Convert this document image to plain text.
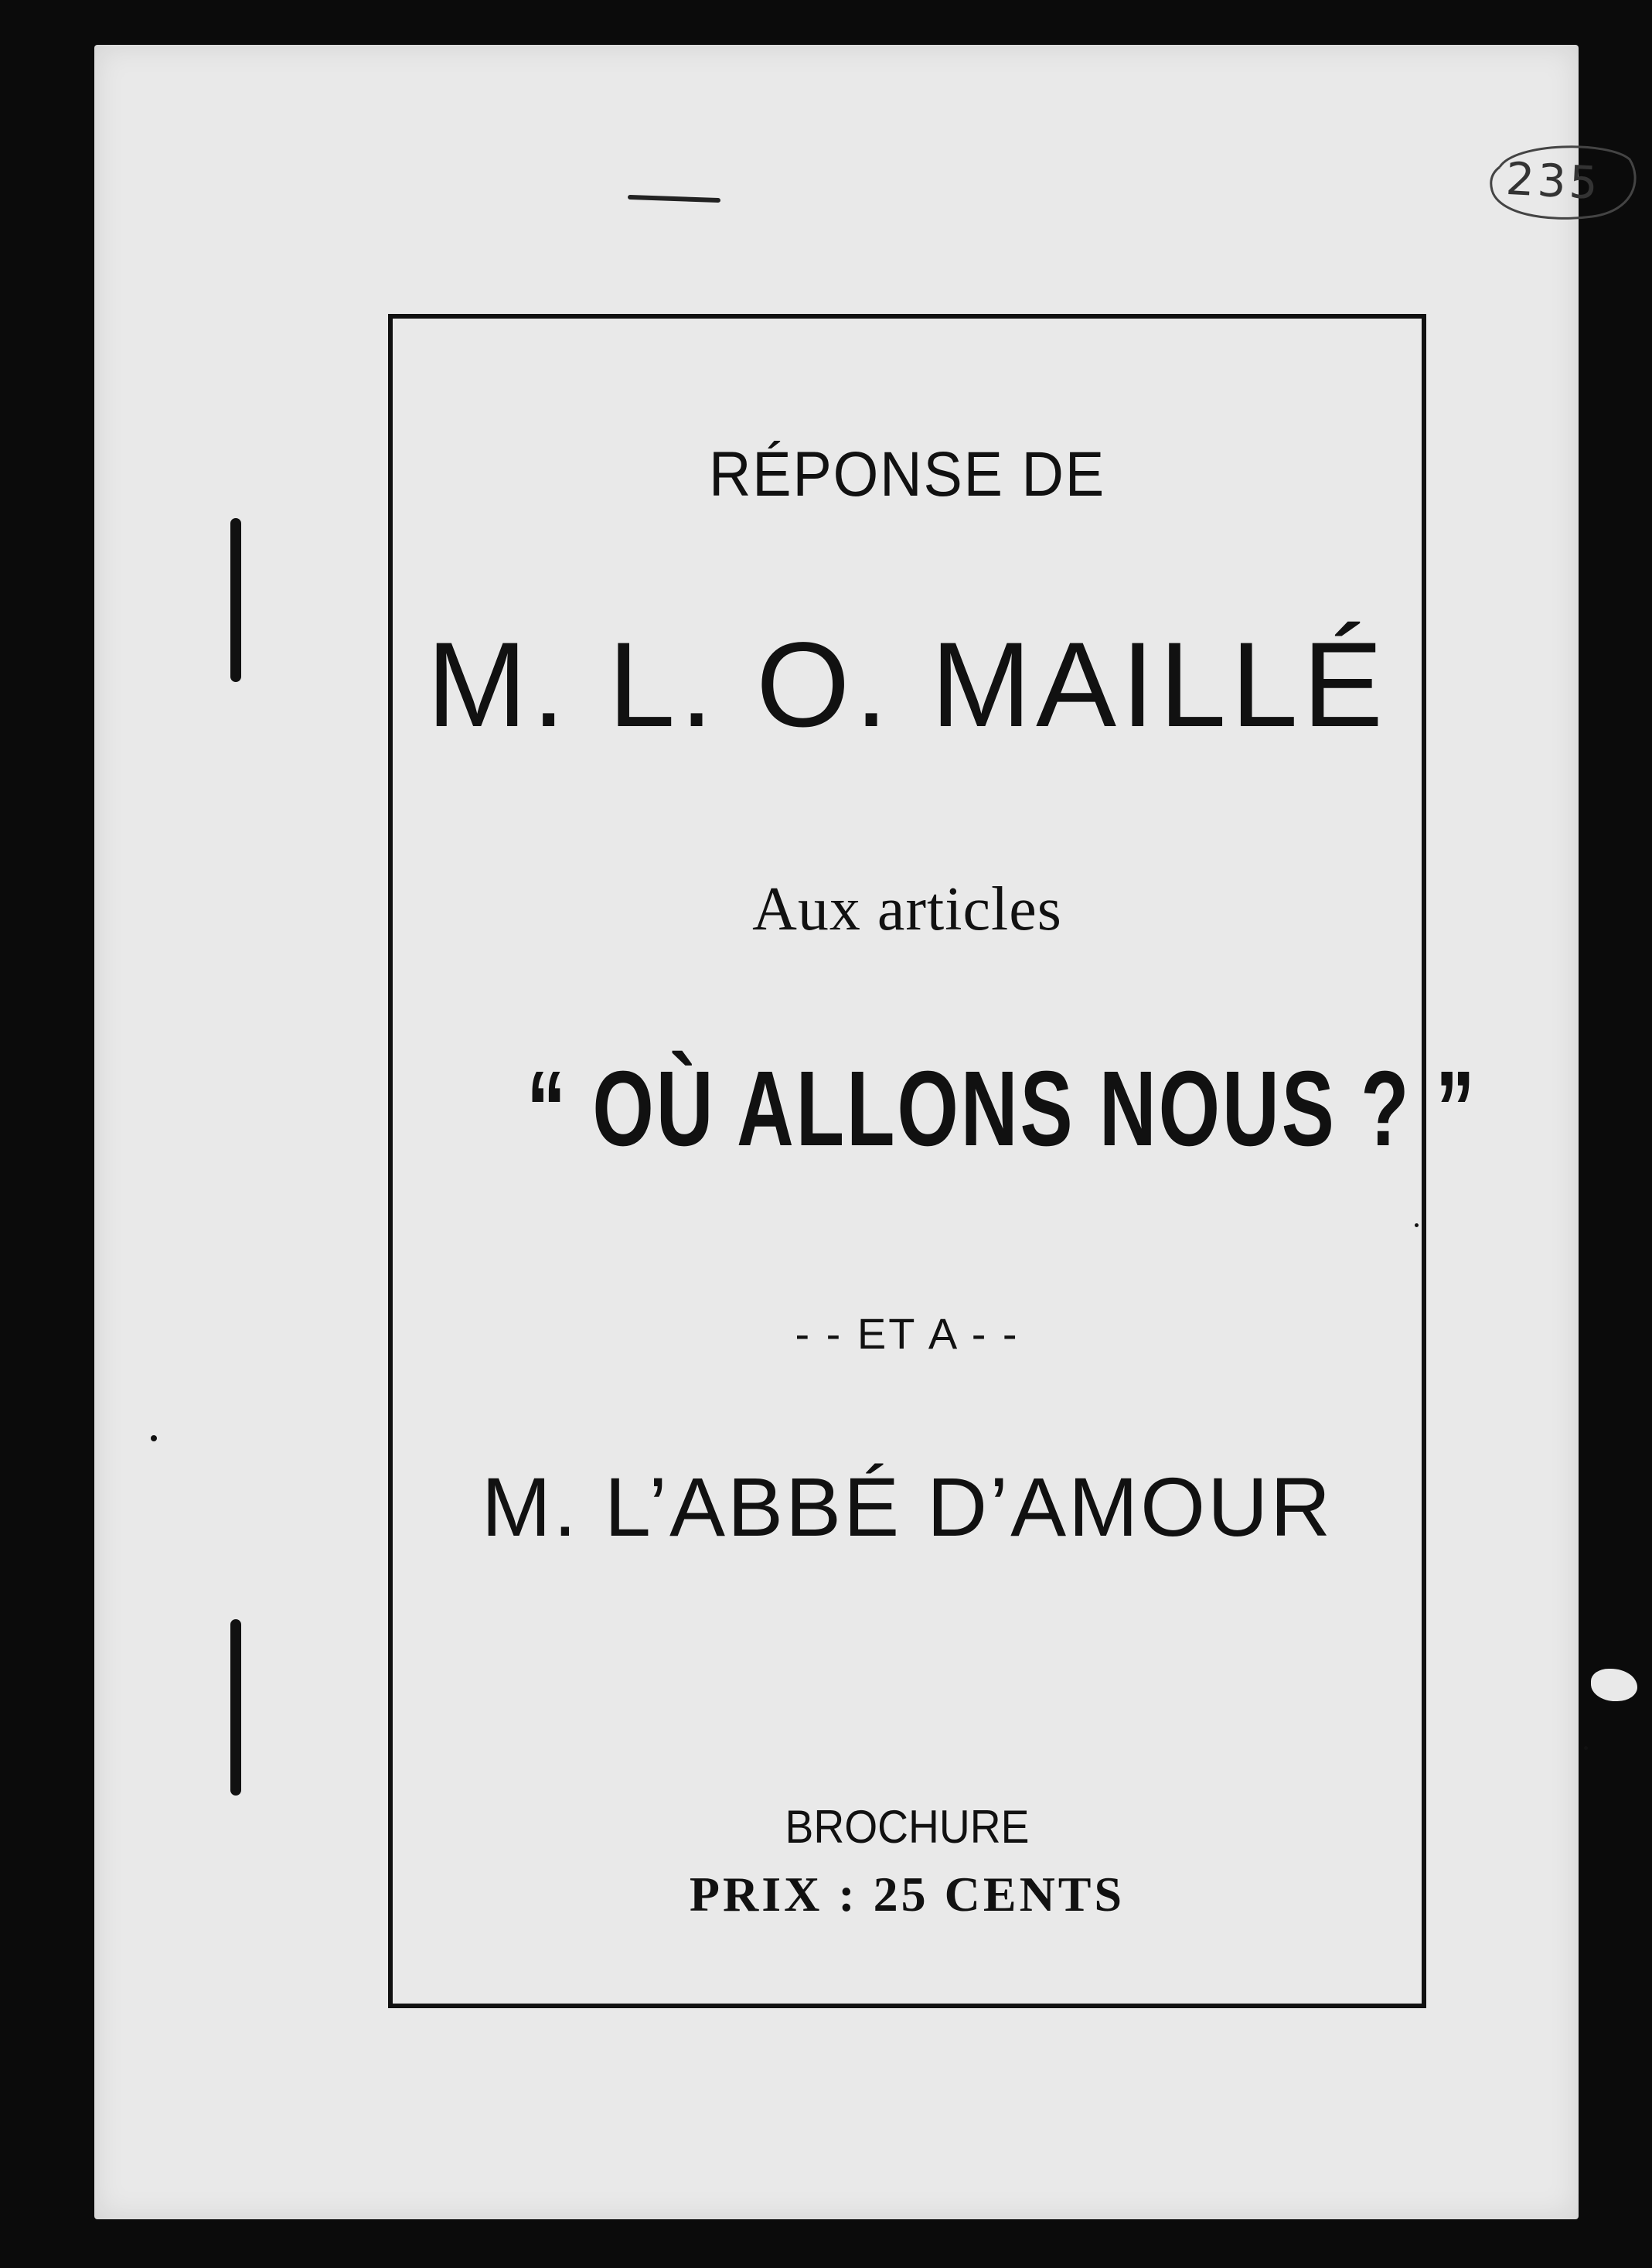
235
RÉPONSE DE
M. L. O. MAILLÉ
Aux articles
“ OÙ ALLONS NOUS ? ”
- - ET A - -
M. L’ABBÉ D’AMOUR
BROCHURE
PRIX : 25 CENTS
